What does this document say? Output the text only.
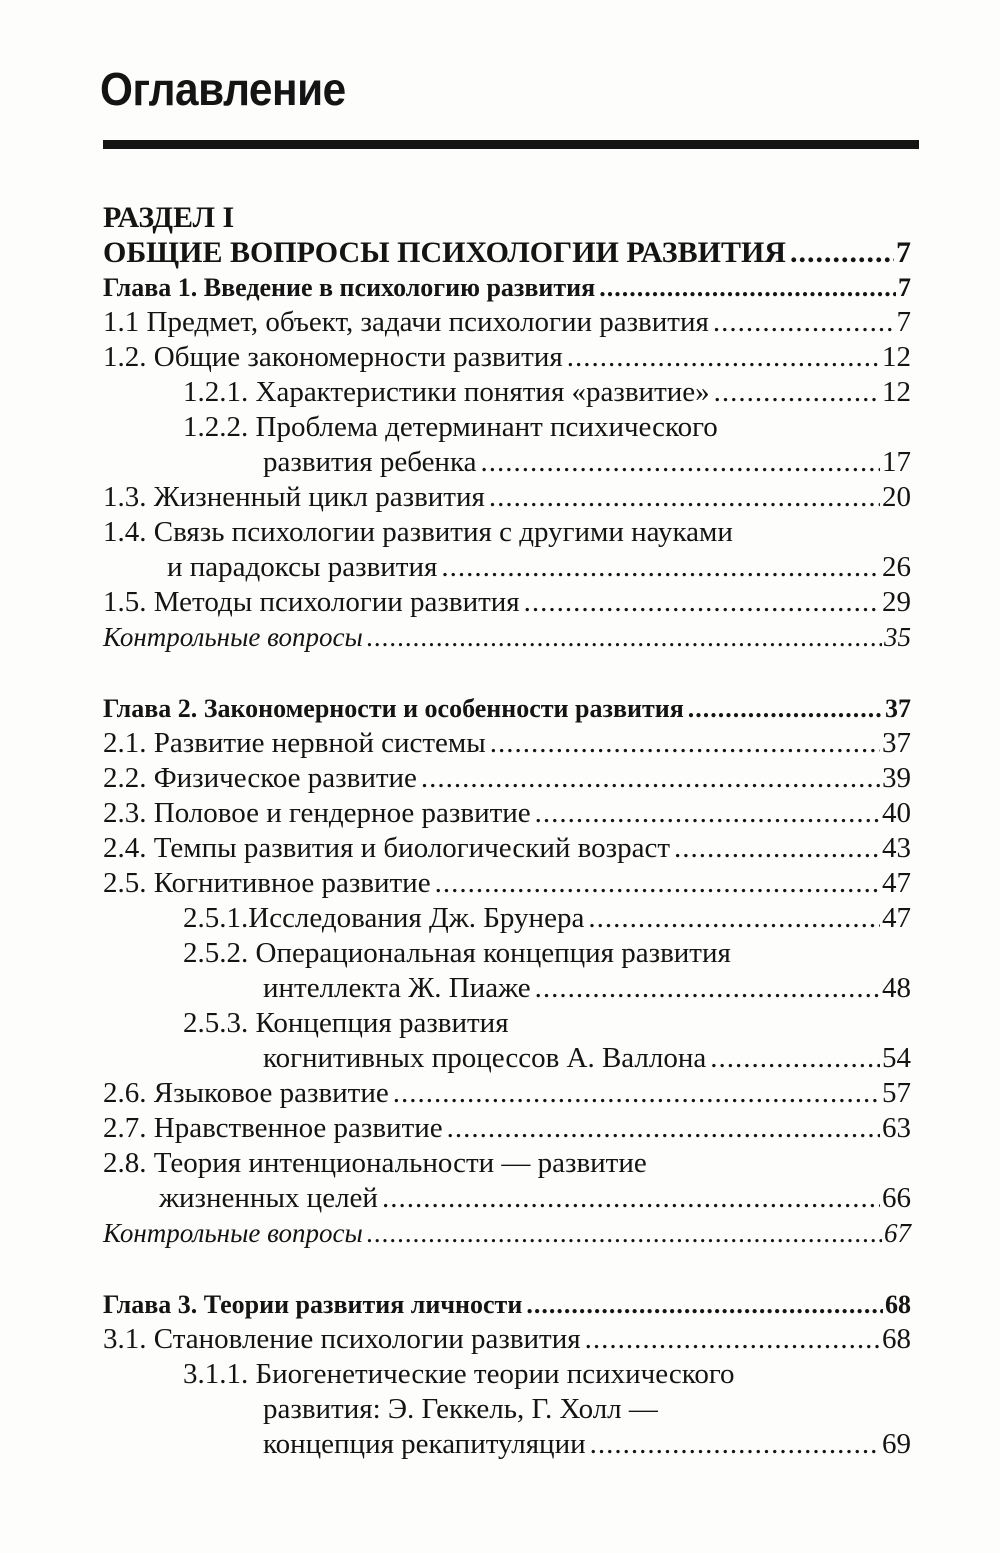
Оглавление
РАЗДЕЛ I
ОБЩИЕ ВОПРОСЫ ПСИХОЛОГИИ РАЗВИТИЯ .....	7
Глава 1. Введение в психологию развития .....	7
1.1 Предмет, объект, задачи психологии развития .....	7
1.2. Общие закономерности развития .....	12
1.2.1. Характеристики понятия «развитие» .....	12
1.2.2. Проблема детерминант психического
развития ребенка .....	17
1.3. Жизненный цикл развития .....	20
1.4. Связь психологии развития с другими науками
и парадоксы развития .....	26
1.5. Методы психологии развития .....	29
Контрольные вопросы .....	35
Глава 2. Закономерности и особенности развития .....	37
2.1. Развитие нервной системы .....	37
2.2. Физическое развитие .....	39
2.3. Половое и гендерное развитие .....	40
2.4. Темпы развития и биологический возраст .....	43
2.5. Когнитивное развитие .....	47
2.5.1.Исследования Дж. Брунера .....	47
2.5.2. Операциональная концепция развития
интеллекта Ж. Пиаже .....	48
2.5.3. Концепция развития
когнитивных процессов А. Валлона .....	54
2.6. Языковое развитие .....	57
2.7. Нравственное развитие .....	63
2.8. Теория интенциональности — развитие
жизненных целей .....	66
Контрольные вопросы .....	67
Глава 3. Теории развития личности .....	68
3.1. Становление психологии развития .....	68
3.1.1. Биогенетические теории психического
развития: Э. Геккель, Г. Холл —
концепция рекапитуляции .....	69
